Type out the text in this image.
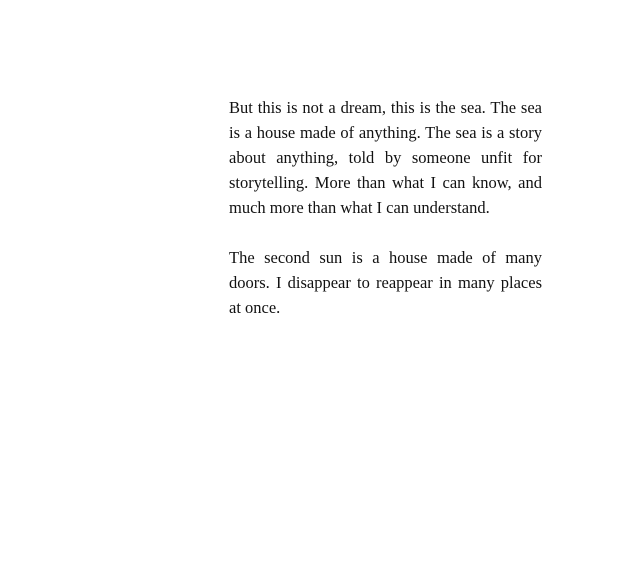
But this is not a dream, this is the sea. The sea is a house made of anything. The sea is a story about anything, told by someone unfit for storytelling. More than what I can know, and much more than what I can understand.

The second sun is a house made of many doors. I disappear to reappear in many places at once.
